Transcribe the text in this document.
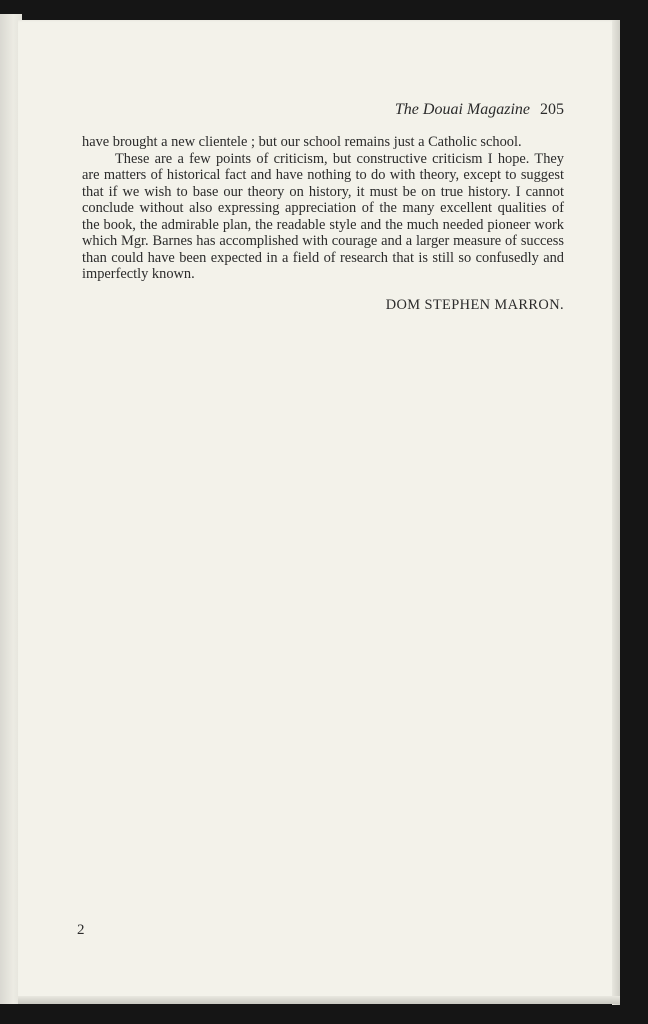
The Douai Magazine 205

have brought a new clientele ; but our school remains just a Catholic school.

These are a few points of criticism, but constructive criticism I hope. They are matters of historical fact and have nothing to do with theory, except to suggest that if we wish to base our theory on history, it must be on true history. I cannot conclude without also expressing appreciation of the many excellent qualities of the book, the admirable plan, the readable style and the much needed pioneer work which Mgr. Barnes has accomplished with courage and a larger measure of success than could have been expected in a field of research that is still so confusedly and imperfectly known.

DOM STEPHEN MARRON.
2
